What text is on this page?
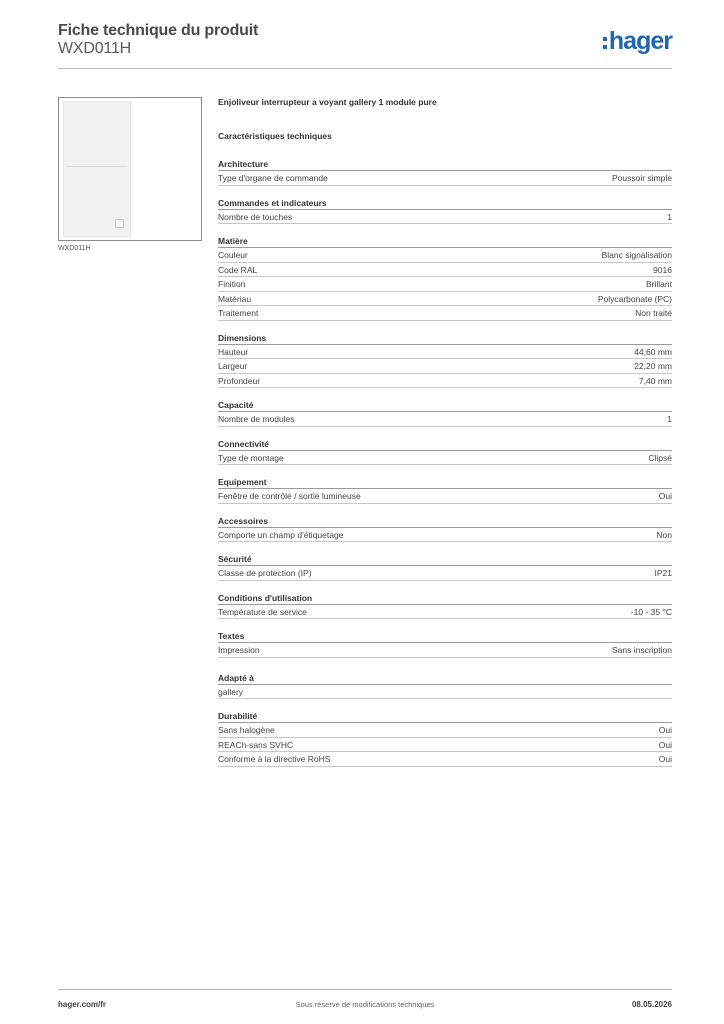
Fiche technique du produit
WXD011H	hager
WXD011H
Enjoliveur interrupteur a voyant gallery 1 module pure
Caractéristiques techniques
Architecture
Type d'organe de commande	Poussoir simple
Commandes et indicateurs
Nombre de touches	1
Matière
Couleur	Blanc signalisation
Code RAL	9016
Finition	Brillant
Matériau	Polycarbonate (PC)
Traitement	Non traité
Dimensions
Hauteur	44,60 mm
Largeur	22,20 mm
Profondeur	7,40 mm
Capacité
Nombre de modules	1
Connectivité
Type de montage	Clipsé
Equipement
Fenêtre de contrôle / sortie lumineuse	Oui
Accessoires
Comporte un champ d'étiquetage	Non
Sécurité
Classe de protection (IP)	IP21
Conditions d'utilisation
Température de service	-10 - 35 °C
Textes
Impression	Sans inscription
Adapté à
gallery
Durabilité
Sans halogène	Oui
REACh-sans SVHC	Oui
Conforme à la directive RoHS	Oui
hager.com/fr	Sous réserve de modifications techniques	08.05.2026
